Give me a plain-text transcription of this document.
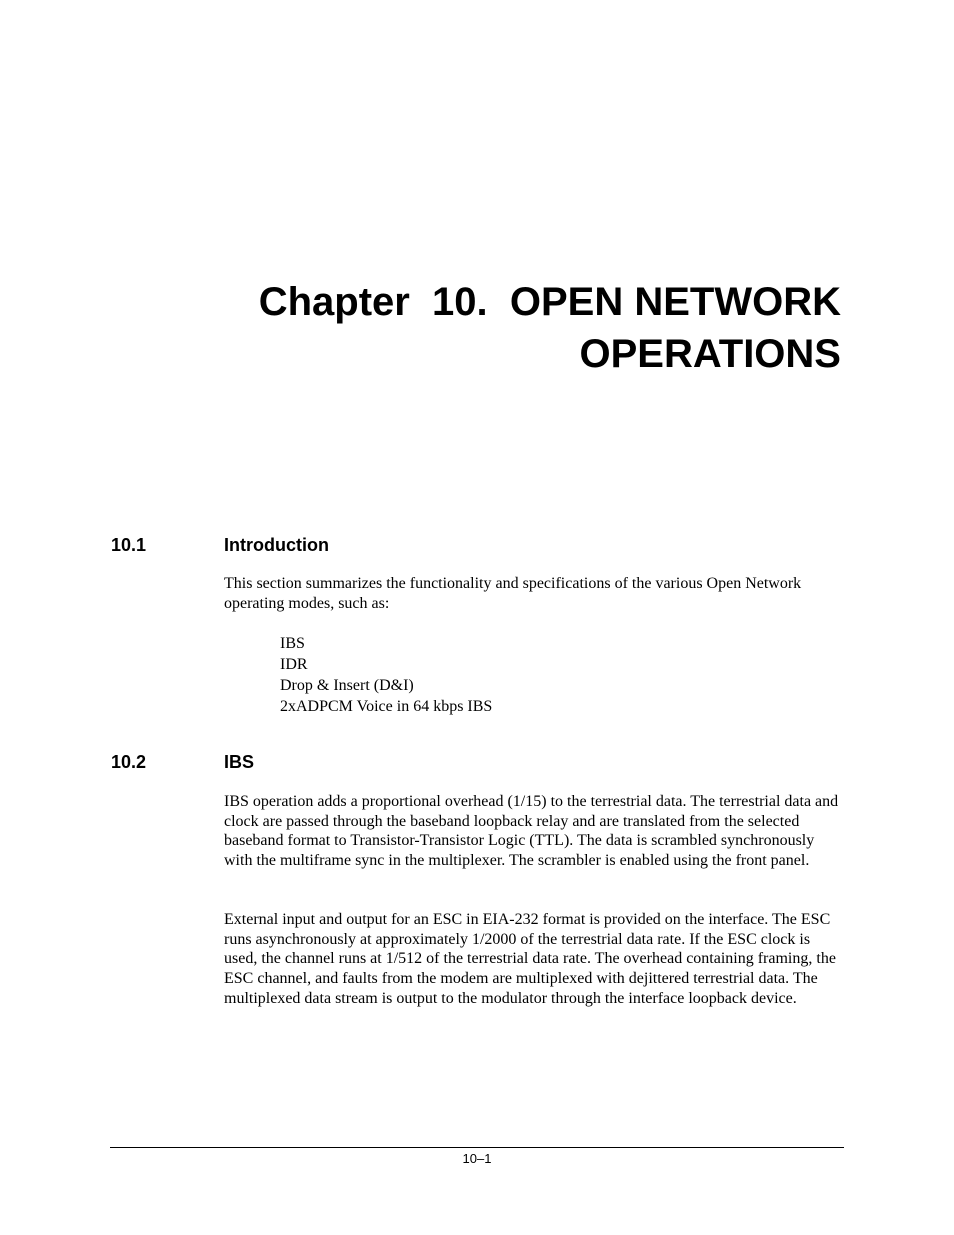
Chapter  10.  OPEN NETWORK
OPERATIONS
10.1	Introduction

This section summarizes the functionality and specifications of the various Open Network operating modes, such as:

IBS
IDR
Drop & Insert (D&I)
2xADPCM Voice in 64 kbps IBS
10.2	IBS

IBS operation adds a proportional overhead (1/15) to the terrestrial data. The terrestrial data and clock are passed through the baseband loopback relay and are translated from the selected baseband format to Transistor-Transistor Logic (TTL). The data is scrambled synchronously with the multiframe sync in the multiplexer. The scrambler is enabled using the front panel.

External input and output for an ESC in EIA-232 format is provided on the interface. The ESC runs asynchronously at approximately 1/2000 of the terrestrial data rate. If the ESC clock is used, the channel runs at 1/512 of the terrestrial data rate. The overhead containing framing, the ESC channel, and faults from the modem are multiplexed with dejittered terrestrial data. The multiplexed data stream is output to the modulator through the interface loopback device.

10–1
